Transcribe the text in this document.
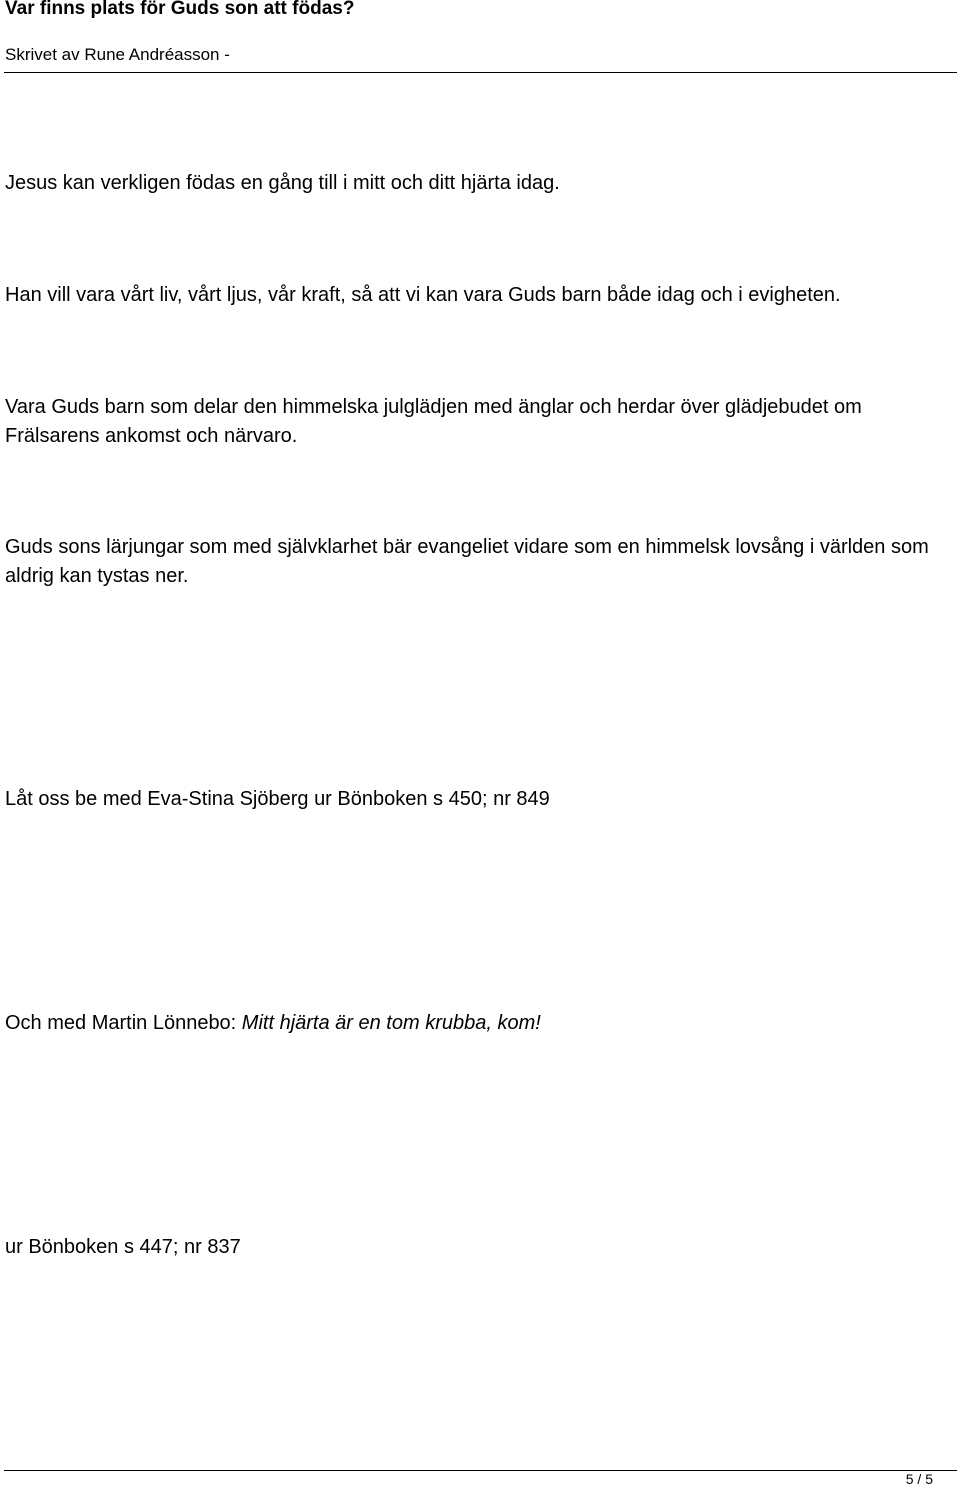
Var finns plats för Guds son att födas?
Skrivet av Rune Andréasson -

Jesus kan verkligen födas en gång till i mitt och ditt hjärta idag.

Han vill vara vårt liv, vårt ljus, vår kraft, så att vi kan vara Guds barn både idag och i evigheten.

Vara Guds barn som delar den himmelska julglädjen med änglar och herdar över glädjebudet om Frälsarens ankomst och närvaro.

Guds sons lärjungar som med självklarhet bär evangeliet vidare som en himmelsk lovsång i världen som aldrig kan tystas ner.

Låt oss be med Eva-Stina Sjöberg ur Bönboken s 450; nr 849

Och med Martin Lönnebo: Mitt hjärta är en tom krubba, kom!

ur Bönboken s 447; nr 837

5 / 5
